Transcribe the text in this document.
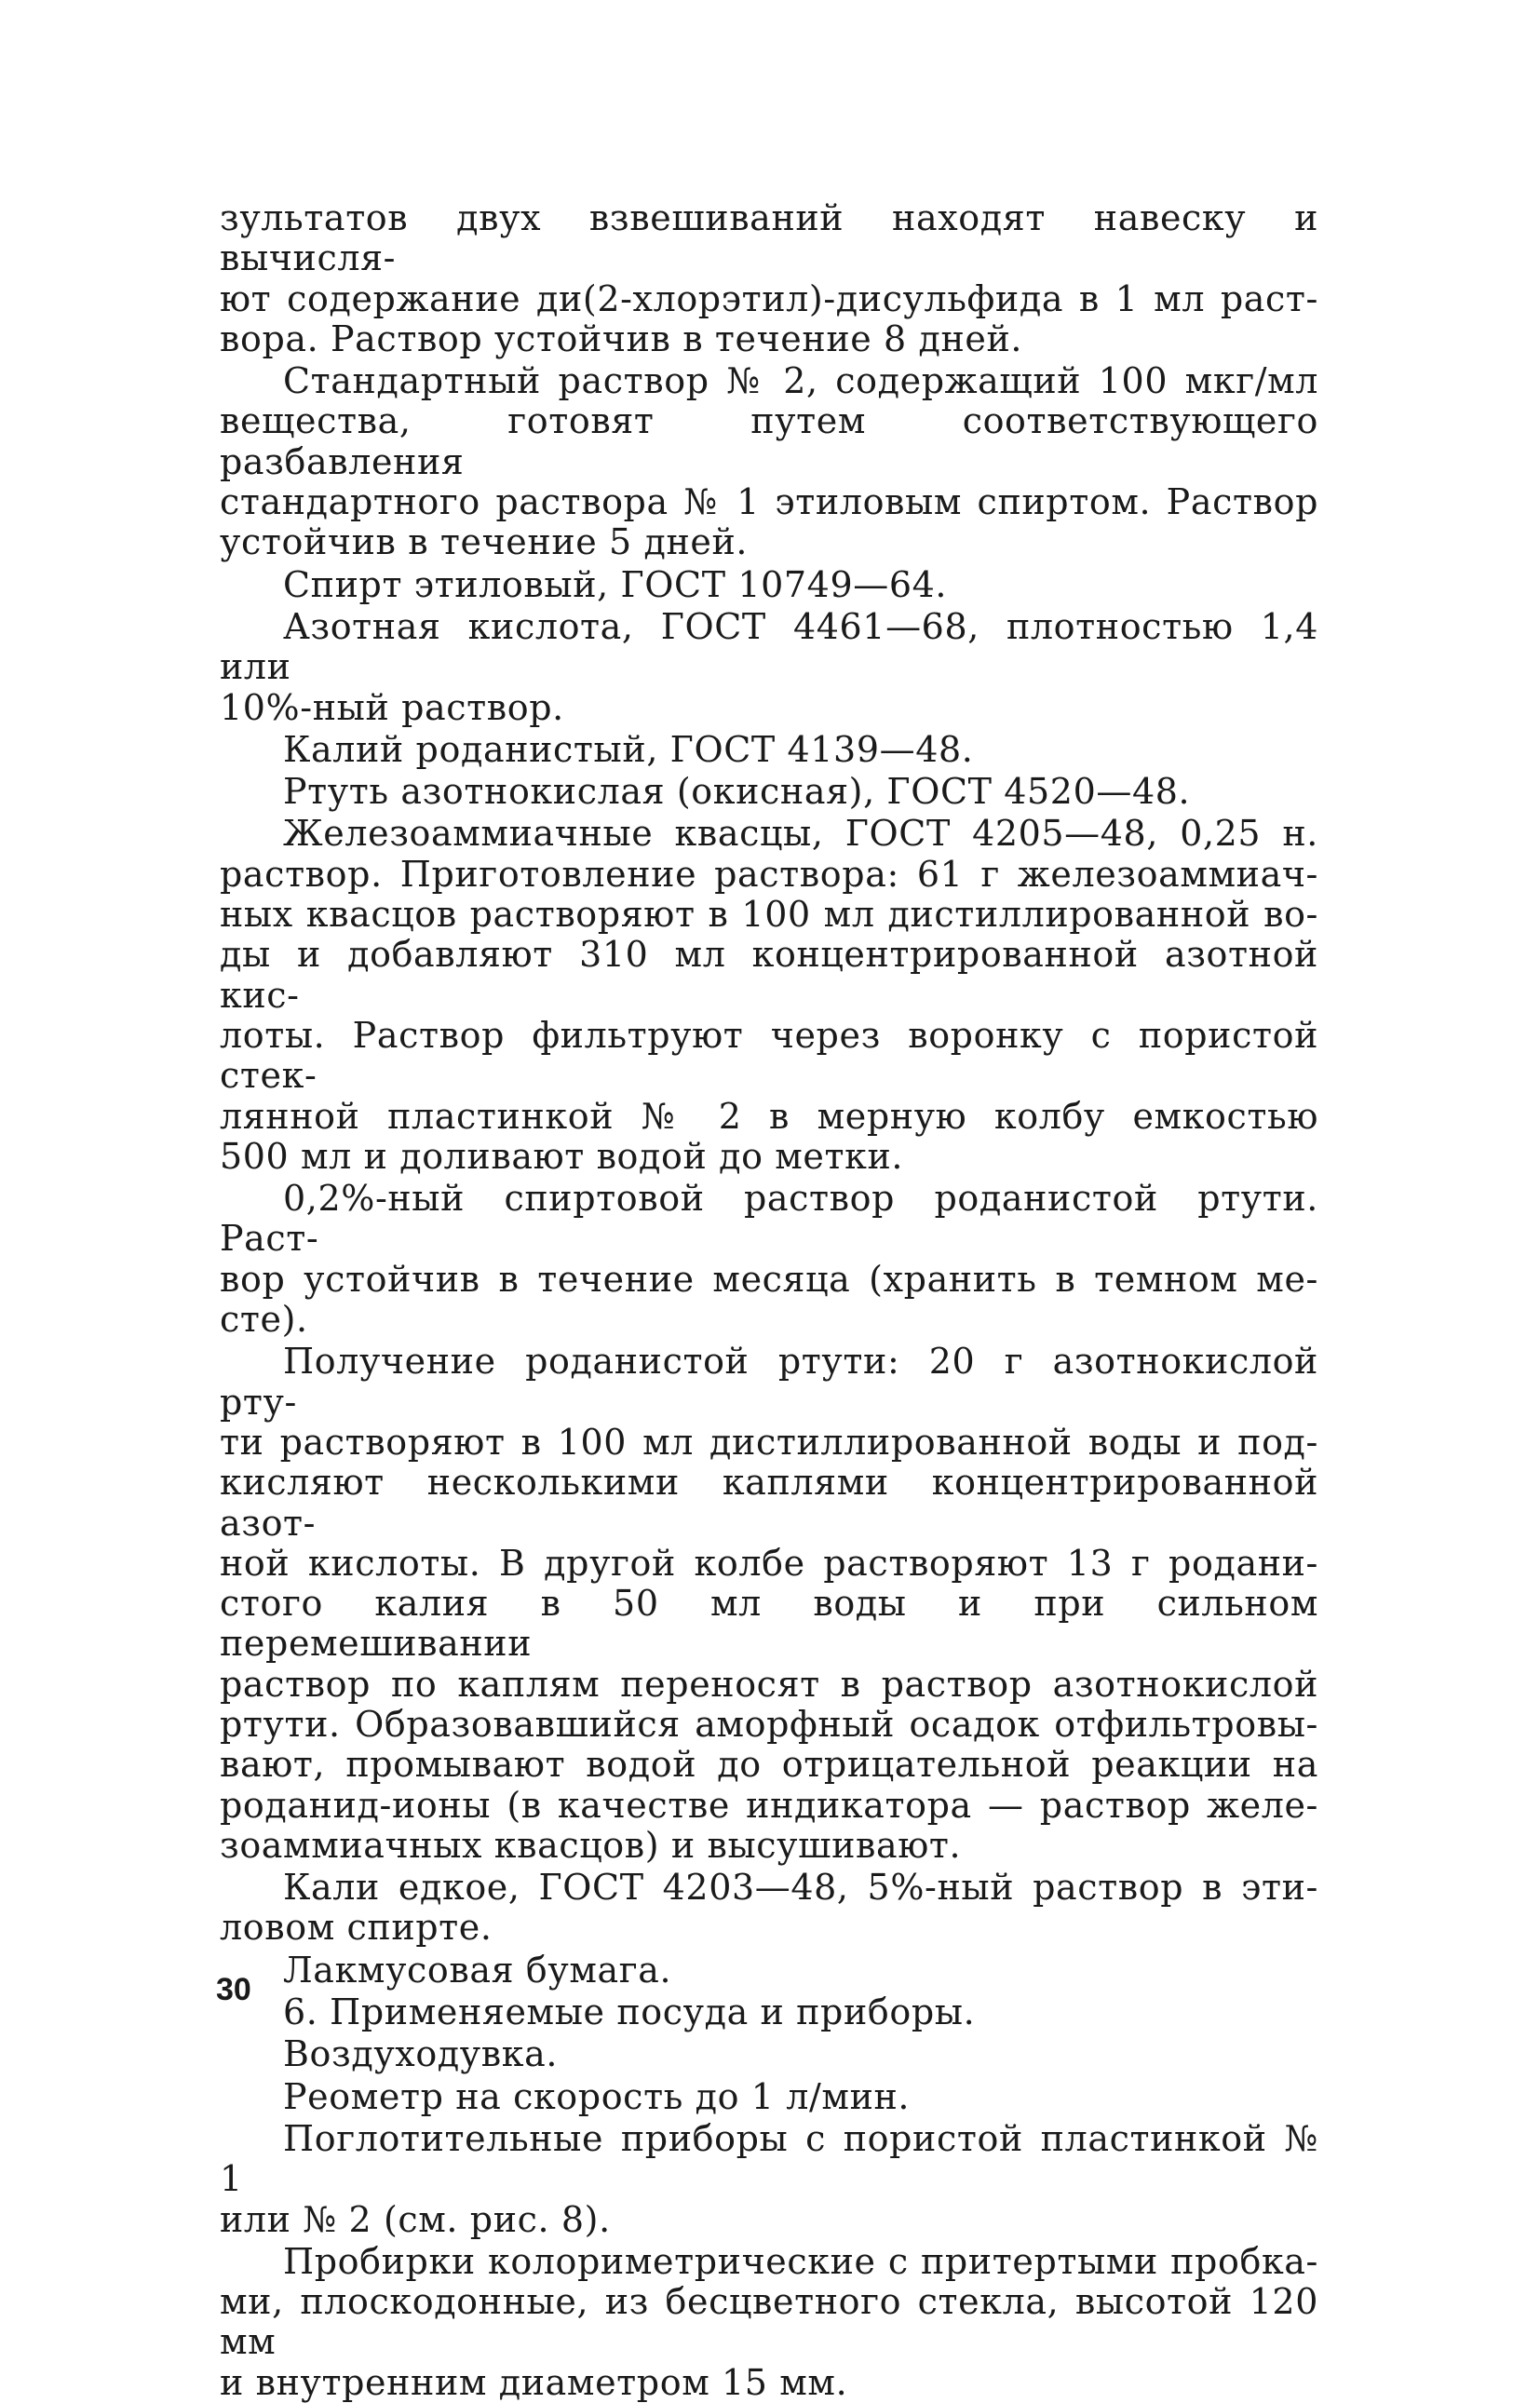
зультатов двух взвешиваний находят навеску и вычисля-
ют содержание ди(2-хлорэтил)-дисульфида в 1 мл раст-
вора. Раствор устойчив в течение 8 дней.
Стандартный раствор № 2, содержащий 100 мкг/мл
вещества, готовят путем соответствующего разбавления
стандартного раствора № 1 этиловым спиртом. Раствор
устойчив в течение 5 дней.
Спирт этиловый, ГОСТ 10749—64.
Азотная кислота, ГОСТ 4461—68, плотностью 1,4 или
10%-ный раствор.
Калий роданистый, ГОСТ 4139—48.
Ртуть азотнокислая (окисная), ГОСТ 4520—48.
Железоаммиачные квасцы, ГОСТ 4205—48, 0,25 н.
раствор. Приготовление раствора: 61 г железоаммиач-
ных квасцов растворяют в 100 мл дистиллированной во-
ды и добавляют 310 мл концентрированной азотной кис-
лоты. Раствор фильтруют через воронку с пористой стек-
лянной пластинкой № 2 в мерную колбу емкостью
500 мл и доливают водой до метки.
0,2%-ный спиртовой раствор роданистой ртути. Раст-
вор устойчив в течение месяца (хранить в темном ме-
сте).
Получение роданистой ртути: 20 г азотнокислой рту-
ти растворяют в 100 мл дистиллированной воды и под-
кисляют несколькими каплями концентрированной азот-
ной кислоты. В другой колбе растворяют 13 г родани-
стого калия в 50 мл воды и при сильном перемешивании
раствор по каплям переносят в раствор азотнокислой
ртути. Образовавшийся аморфный осадок отфильтровы-
вают, промывают водой до отрицательной реакции на
роданид-ионы (в качестве индикатора — раствор желе-
зоаммиачных квасцов) и высушивают.
Кали едкое, ГОСТ 4203—48, 5%-ный раствор в эти-
ловом спирте.
Лакмусовая бумага.
6. Применяемые посуда и приборы.
Воздуходувка.
Реометр на скорость до 1 л/мин.
Поглотительные приборы с пористой пластинкой № 1
или № 2 (см. рис. 8).
Пробирки колориметрические с притертыми пробка-
ми, плоскодонные, из бесцветного стекла, высотой 120 мм
и внутренним диаметром 15 мм.
30
